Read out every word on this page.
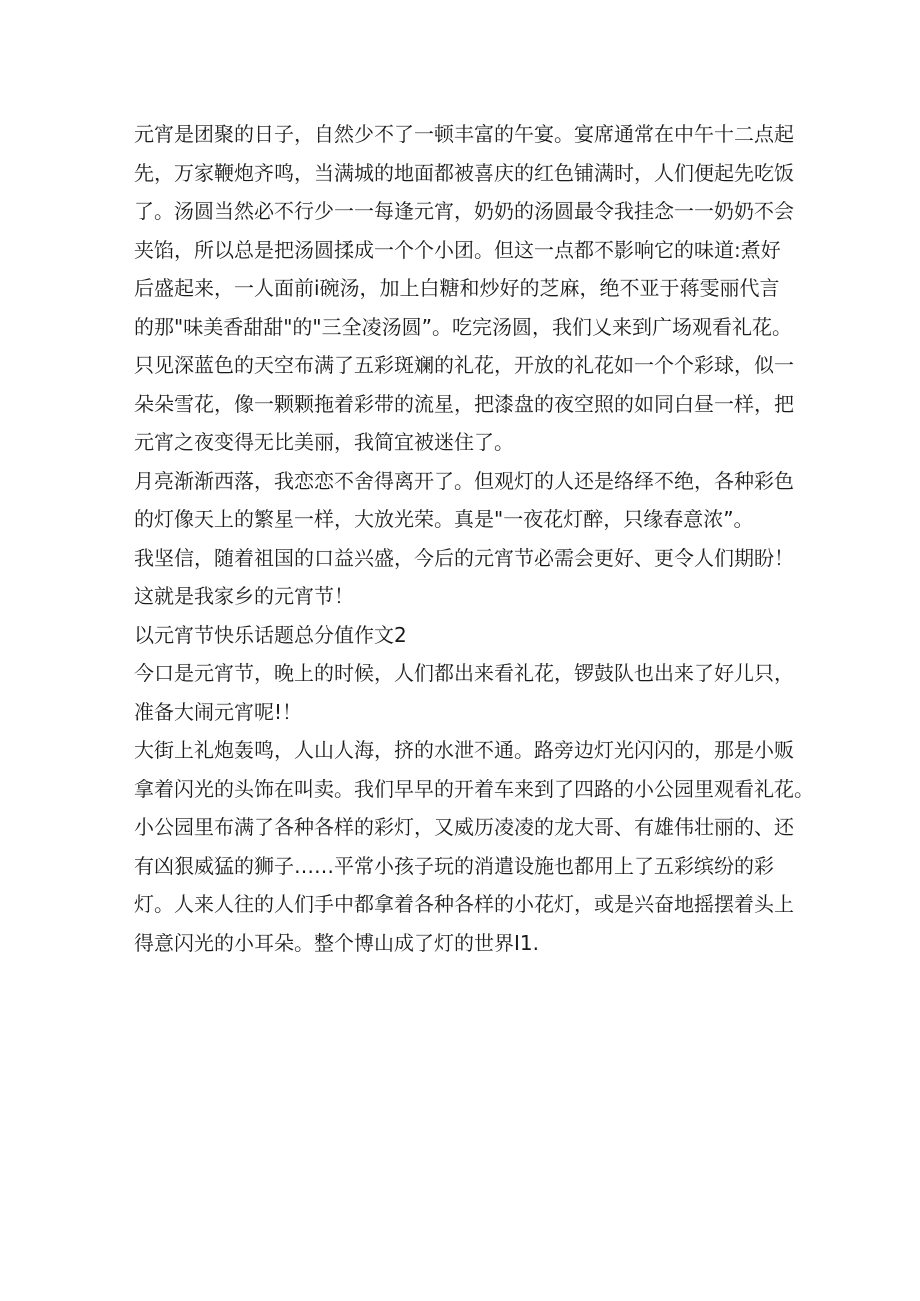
元宵是团聚的日子，自然少不了一顿丰富的午宴。宴席通常在中午十二点起
先，万家鞭炮齐鸣，当满城的地面都被喜庆的红色铺满时，人们便起先吃饭
了。汤圆当然必不行少一一每逢元宵，奶奶的汤圆最令我挂念一一奶奶不会
夹馅，所以总是把汤圆揉成一个个小团。但这一点都不影响它的味道:煮好
后盛起来，一人面前i碗汤，加上白糖和炒好的芝麻，绝不亚于蒋雯丽代言
的那"味美香甜甜"的"三全凌汤圆”。吃完汤圆，我们乂来到广场观看礼花。
只见深蓝色的天空布满了五彩斑斓的礼花，开放的礼花如一个个彩球，似一
朵朵雪花，像一颗颗拖着彩带的流星，把漆盘的夜空照的如同白昼一样，把
元宵之夜变得无比美丽，我简宜被迷住了。
月亮渐渐西落，我恋恋不舍得离开了。但观灯的人还是络绎不绝，各种彩色
的灯像天上的繁星一样，大放光荣。真是"一夜花灯醉，只缘春意浓”。
我坚信，随着祖国的口益兴盛，今后的元宵节必需会更好、更令人们期盼！
这就是我家乡的元宵节！
以元宵节快乐话题总分值作文2
今口是元宵节，晚上的时候，人们都出来看礼花，锣鼓队也出来了好儿只，
准备大闹元宵呢!！
大街上礼炮轰鸣，人山人海，挤的水泄不通。路旁边灯光闪闪的，那是小贩
拿着闪光的头饰在叫卖。我们早早的开着车来到了四路的小公园里观看礼花。
小公园里布满了各种各样的彩灯，又威历凌凌的龙大哥、有雄伟壮丽的、还
有凶狠威猛的狮子……平常小孩子玩的消遣设施也都用上了五彩缤纷的彩
灯。人来人往的人们手中都拿着各种各样的小花灯，或是兴奋地摇摆着头上
得意闪光的小耳朵。整个博山成了灯的世界I1.
